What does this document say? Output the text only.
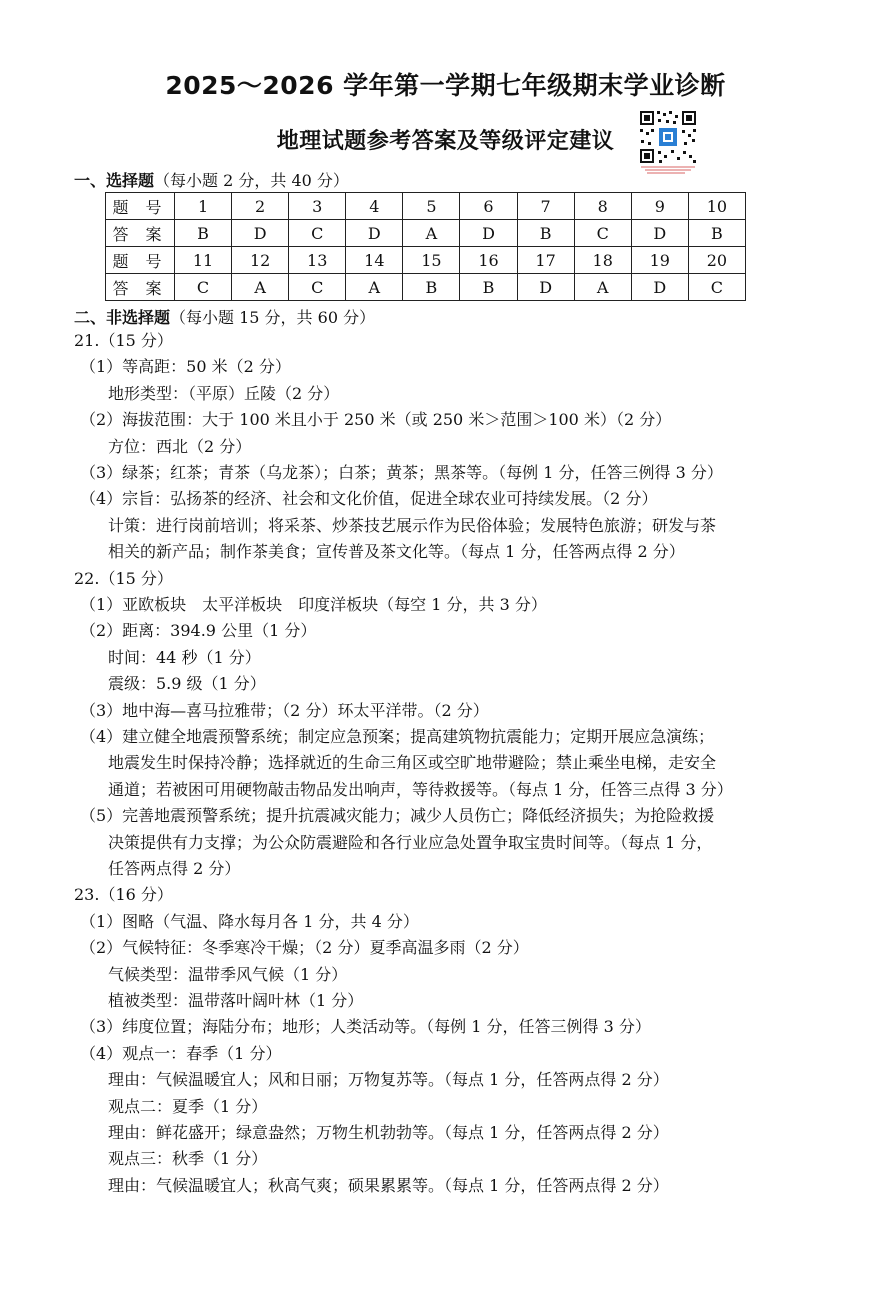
2025～2026 学年第一学期七年级期末学业诊断
地理试题参考答案及等级评定建议
一、选择题（每小题 2 分，共 40 分）
题 号	1	2	3	4	5	6	7	8	9	10
答 案	B	D	C	D	A	D	B	C	D	B
题 号	11	12	13	14	15	16	17	18	19	20
答 案	C	A	C	A	B	B	D	A	D	C
二、非选择题（每小题 15 分，共 60 分）
21.（15 分）
（1）等高距：50 米（2 分）
地形类型：（平原）丘陵（2 分）
（2）海拔范围：大于 100 米且小于 250 米（或 250 米＞范围＞100 米）（2 分）
方位：西北（2 分）
（3）绿茶；红茶；青茶（乌龙茶）；白茶；黄茶；黑茶等。（每例 1 分，任答三例得 3 分）
（4）宗旨：弘扬茶的经济、社会和文化价值，促进全球农业可持续发展。（2 分）
计策：进行岗前培训；将采茶、炒茶技艺展示作为民俗体验；发展特色旅游；研发与茶
相关的新产品；制作茶美食；宣传普及茶文化等。（每点 1 分，任答两点得 2 分）
22.（15 分）
（1）亚欧板块　太平洋板块　印度洋板块（每空 1 分，共 3 分）
（2）距离：394.9 公里（1 分）
时间：44 秒（1 分）
震级：5.9 级（1 分）
（3）地中海—喜马拉雅带；（2 分）环太平洋带。（2 分）
（4）建立健全地震预警系统；制定应急预案；提高建筑物抗震能力；定期开展应急演练；
地震发生时保持冷静；选择就近的生命三角区或空旷地带避险；禁止乘坐电梯，走安全
通道；若被困可用硬物敲击物品发出响声，等待救援等。（每点 1 分，任答三点得 3 分）
（5）完善地震预警系统；提升抗震减灾能力；减少人员伤亡；降低经济损失；为抢险救援
决策提供有力支撑；为公众防震避险和各行业应急处置争取宝贵时间等。（每点 1 分，
任答两点得 2 分）
23.（16 分）
（1）图略（气温、降水每月各 1 分，共 4 分）
（2）气候特征：冬季寒冷干燥；（2 分）夏季高温多雨（2 分）
气候类型：温带季风气候（1 分）
植被类型：温带落叶阔叶林（1 分）
（3）纬度位置；海陆分布；地形；人类活动等。（每例 1 分，任答三例得 3 分）
（4）观点一：春季（1 分）
理由：气候温暖宜人；风和日丽；万物复苏等。（每点 1 分，任答两点得 2 分）
观点二：夏季（1 分）
理由：鲜花盛开；绿意盎然；万物生机勃勃等。（每点 1 分，任答两点得 2 分）
观点三：秋季（1 分）
理由：气候温暖宜人；秋高气爽；硕果累累等。（每点 1 分，任答两点得 2 分）
